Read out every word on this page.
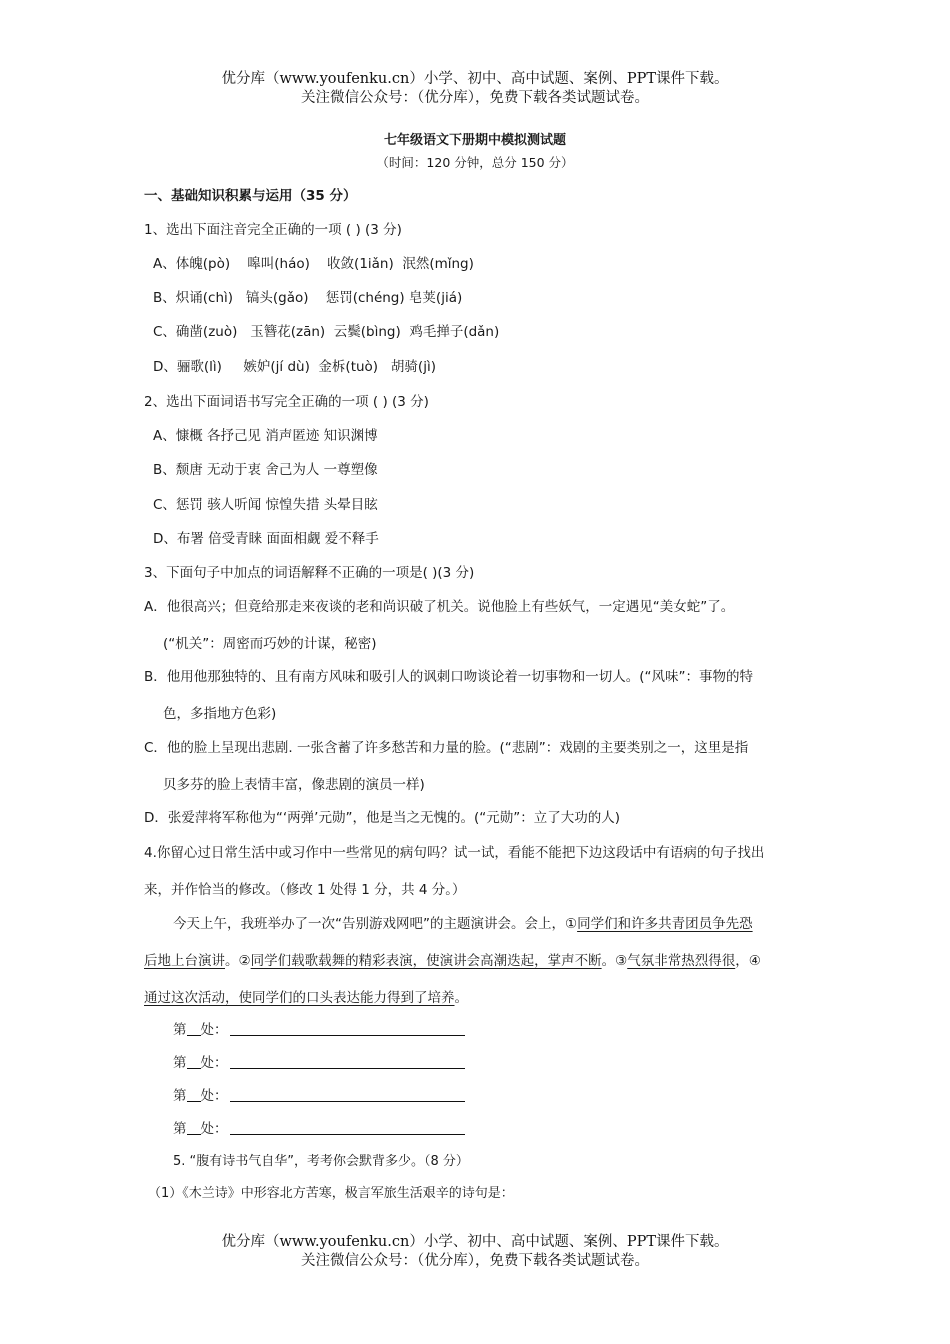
优分库（www.youfenku.cn）小学、初中、高中试题、案例、PPT课件下载。
关注微信公众号：（优分库），免费下载各类试题试卷。
七年级语文下册期中模拟测试题
（时间：120 分钟，总分 150 分）
一、基础知识积累与运用（35 分）
1、选出下面注音完全正确的一项 ( ) (3 分)
A、体魄(pò)    嗥叫(háo)    收敛(1iǎn)  泯然(mǐng)
B、炽诵(chì)   镐头(gǎo)    惩罚(chéng) 皂荚(jiá)
C、确凿(zuò)   玉簪花(zān)  云鬓(bìng)  鸡毛掸子(dǎn)
D、骊歌(lì)     嫉妒(jí dù)  金柝(tuò)   胡骑(jì)
2、选出下面词语书写完全正确的一项 ( ) (3 分)
A、慷概 各抒己见 消声匿迹 知识渊博
B、颓唐 无动于衷 舍己为人 一尊塑像
C、惩罚 骇人听闻 惊惶失措 头晕目眩
D、布署 倍受青睐 面面相觑 爱不释手
3、下面句子中加点的词语解释不正确的一项是( )(3 分)
A．他很高兴；但竟给那走来夜谈的老和尚识破了机关。说他脸上有些妖气，一定遇见“美女蛇”了。
(“机关”：周密而巧妙的计谋，秘密)
B．他用他那独特的、且有南方风味和吸引人的讽刺口吻谈论着一切事物和一切人。(“风味”：事物的特
色，多指地方色彩)
C．他的脸上呈现出悲剧. 一张含蓄了许多愁苦和力量的脸。(“悲剧”：戏剧的主要类别之一，这里是指
贝多芬的脸上表情丰富，像悲剧的演员一样)
D．张爱萍将军称他为“‘两弹’元勋”，他是当之无愧的。(“元勋”：立了大功的人)
4.你留心过日常生活中或习作中一些常见的病句吗？试一试，看能不能把下边这段话中有语病的句子找出
来，并作恰当的修改。（修改 1 处得 1 分，共 4 分。）
今天上午，我班举办了一次“告别游戏网吧”的主题演讲会。会上，①同学们和许多共青团员争先恐
后地上台演讲。②同学们载歌载舞的精彩表演，使演讲会高潮迭起，掌声不断。③气氛非常热烈得很，④
通过这次活动，使同学们的口头表达能力得到了培养。
第 处：
第 处：
第 处：
第 处：
5. “腹有诗书气自华”，考考你会默背多少。（8 分）
（1）《木兰诗》中形容北方苦寒，极言军旅生活艰辛的诗句是：
优分库（www.youfenku.cn）小学、初中、高中试题、案例、PPT课件下载。
关注微信公众号：（优分库），免费下载各类试题试卷。
